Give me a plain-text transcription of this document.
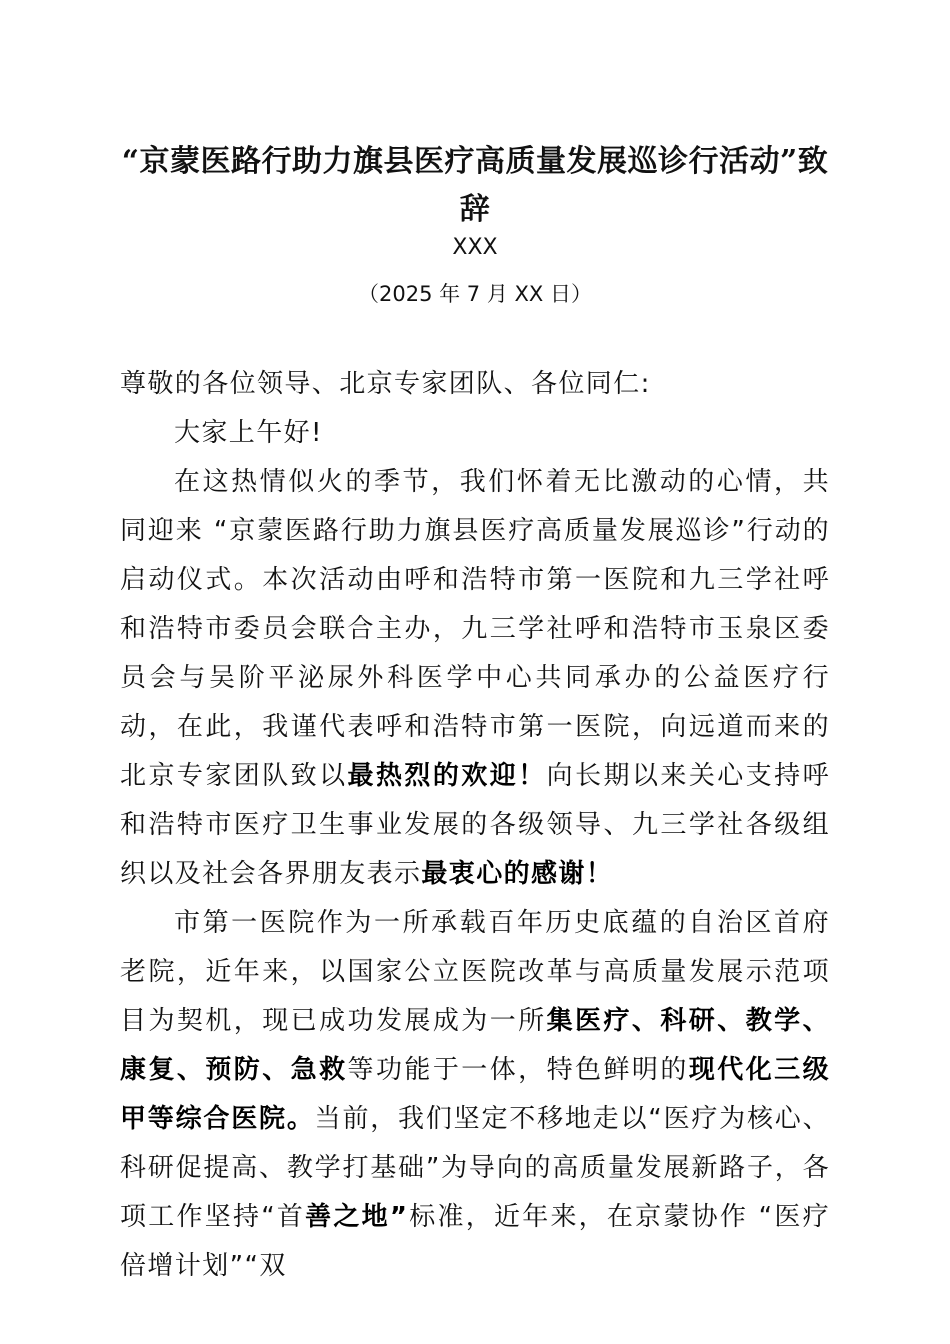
“京蒙医路行助力旗县医疗高质量发展巡诊行活动”致辞
XXX
（2025 年 7 月 XX 日）

尊敬的各位领导、北京专家团队、各位同仁:

大家上午好!

在这热情似火的季节，我们怀着无比激动的心情，共同迎来 “京蒙医路行助力旗县医疗高质量发展巡诊”行动的启动仪式。本次活动由呼和浩特市第一医院和九三学社呼和浩特市委员会联合主办，九三学社呼和浩特市玉泉区委员会与吴阶平泌尿外科医学中心共同承办的公益医疗行动，在此，我谨代表呼和浩特市第一医院，向远道而来的北京专家团队致以最热烈的欢迎！向长期以来关心支持呼和浩特市医疗卫生事业发展的各级领导、九三学社各级组织以及社会各界朋友表示最衷心的感谢！

市第一医院作为一所承载百年历史底蕴的自治区首府老院，近年来，以国家公立医院改革与高质量发展示范项目为契机，现已成功发展成为一所集医疗、科研、教学、康复、预防、急救等功能于一体，特色鲜明的现代化三级甲等综合医院。当前，我们坚定不移地走以“医疗为核心、科研促提高、教学打基础”为导向的高质量发展新路子，各项工作坚持“首善之地”标准，近年来，在京蒙协作 “医疗倍增计划”“双
